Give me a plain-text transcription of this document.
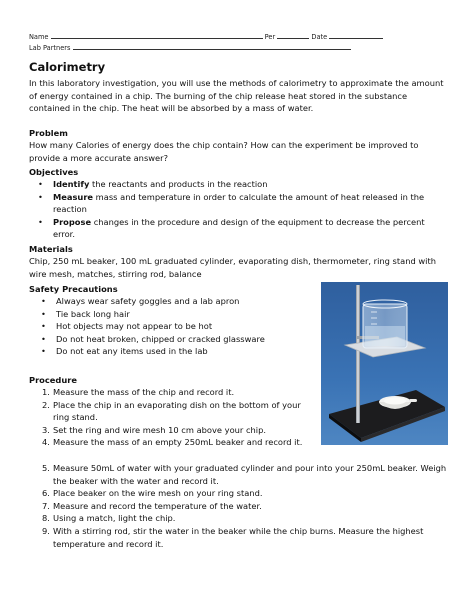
Name	Per	Date
Lab Partners
Calorimetry
In this laboratory investigation, you will use the methods of calorimetry to approximate the amount of energy contained in a chip. The burning of the chip release heat stored in the substance contained in the chip. The heat will be absorbed by a mass of water.
Problem
How many Calories of energy does the chip contain? How can the experiment be improved to provide a more accurate answer?
Objectives
• Identify the reactants and products in the reaction
• Measure mass and temperature in order to calculate the amount of heat released in the reaction
• Propose changes in the procedure and design of the equipment to decrease the percent error.
Materials
Chip, 250 mL beaker, 100 mL graduated cylinder, evaporating dish, thermometer, ring stand with wire mesh, matches, stirring rod, balance
Safety Precautions
• Always wear safety goggles and a lab apron
• Tie back long hair
• Hot objects may not appear to be hot
• Do not heat broken, chipped or cracked glassware
• Do not eat any items used in the lab
Procedure
1. Measure the mass of the chip and record it.
2. Place the chip in an evaporating dish on the bottom of your ring stand.
3. Set the ring and wire mesh 10 cm above your chip.
4. Measure the mass of an empty 250mL beaker and record it.
5. Measure 50mL of water with your graduated cylinder and pour into your 250mL beaker. Weigh the beaker with the water and record it.
6. Place beaker on the wire mesh on your ring stand.
7. Measure and record the temperature of the water.
8. Using a match, light the chip.
9. With a stirring rod, stir the water in the beaker while the chip burns. Measure the highest temperature and record it.
